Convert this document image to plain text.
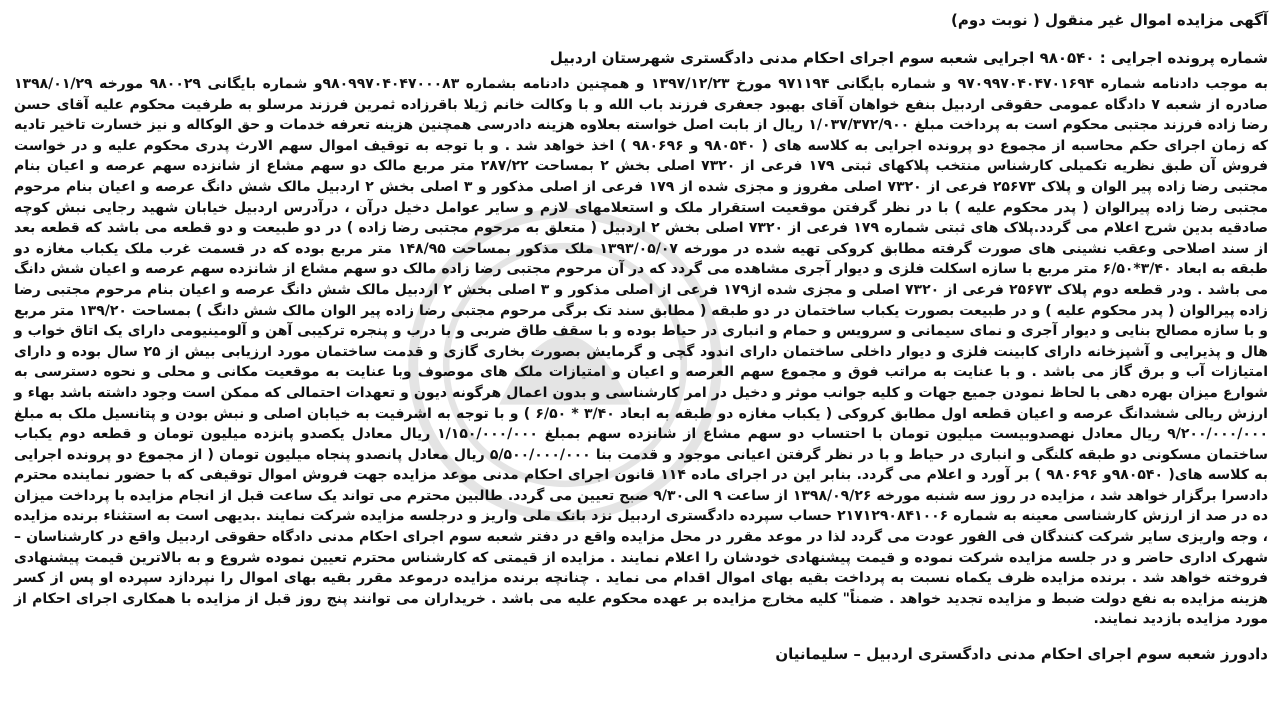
آگهی مزایده اموال غیر منقول ( نوبت دوم)
شماره پرونده اجرایی : ۹۸۰۵۴۰ اجرایی شعبه سوم اجرای احکام مدنی دادگستری شهرستان اردبیل

به موجب دادنامه شماره ۹۷۰۹۹۷۰۴۰۴۷۰۱۶۹۴ و شماره بایگانی ۹۷۱۱۹۴ مورخ ۱۳۹۷/۱۲/۲۳ و همچنین دادنامه بشماره ۹۸۰۹۹۷۰۴۰۴۷۰۰۰۸۳و شماره بایگانی ۹۸۰۰۲۹ مورخه ۱۳۹۸/۰۱/۲۹ صادره از شعبه ۷ دادگاه عمومی حقوقی اردبیل بنفع خواهان آقای بهبود جعفری فرزند باب الله و با وکالت خانم ژیلا باقرزاده ثمرین فرزند مرسلو به طرفیت محکوم علیه آقای حسن رضا زاده فرزند مجتبی محکوم است به پرداخت مبلغ ۱/۰۳۷/۳۷۲/۹۰۰ ریال از بابت اصل خواسته بعلاوه هزینه دادرسی همچنین هزینه تعرفه خدمات و حق الوکاله و نیز خسارت تاخیر تادیه که زمان اجرای حکم محاسبه از مجموع دو پرونده اجرایی به کلاسه های ( ۹۸۰۵۴۰ و ۹۸۰۶۹۶ ) اخذ خواهد شد . و با توجه به توقیف اموال سهم الارث پدری محکوم علیه و در خواست فروش آن طبق نظریه تکمیلی کارشناس منتخب پلاکهای ثبتی ۱۷۹ فرعی از ۷۳۲۰ اصلی بخش ۲ بمساحت ۲۸۷/۲۲ متر مربع مالک دو سهم مشاع از شانزده سهم عرصه و اعیان بنام مجتبی رضا زاده پیر الوان و پلاک ۲۵۶۷۳ فرعی از ۷۳۲۰ اصلی مفروز و مجزی شده از ۱۷۹ فرعی از اصلی مذکور و ۳ اصلی بخش ۲ اردبیل مالک شش دانگ عرصه و اعیان بنام مرحوم مجتبی رضا زاده پیرالوان ( پدر محکوم علیه ) با در نظر گرفتن موقعیت استقرار ملک و استعلامهای لازم و سایر عوامل دخیل درآن ، درآدرس اردبیل خیابان شهید رجایی نبش کوچه صادقیه بدین شرح اعلام می گردد.پلاک های ثبتی شماره ۱۷۹ فرعی از ۷۳۲۰ اصلی بخش ۲ اردبیل ( متعلق به مرحوم مجتبی رضا زاده ) در دو طبیعت و دو قطعه می باشد که قطعه بعد از سند اصلاحی وعقب نشینی های صورت گرفته مطابق کروکی تهیه شده در مورخه ۱۳۹۳/۰۵/۰۷ ملک مذکور بمساحت ۱۴۸/۹۵ متر مربع بوده که در قسمت غرب ملک یکباب مغازه دو طبقه به ابعاد ۳/۴۰*۶/۵۰ متر مربع با سازه اسکلت فلزی و دیوار آجری مشاهده می گردد که در آن مرحوم مجتبی رضا زاده مالک دو سهم مشاع از شانزده سهم عرصه و اعیان شش دانگ می باشد . ودر قطعه دوم پلاک ۲۵۶۷۳ فرعی از ۷۳۲۰ اصلی و مجزی شده از۱۷۹ فرعی از اصلی مذکور و ۳ اصلی بخش ۲ اردبیل مالک شش دانگ عرصه و اعیان بنام مرحوم مجتبی رضا زاده پیرالوان ( پدر محکوم علیه ) و در طبیعت بصورت یکباب ساختمان در دو طبقه ( مطابق سند تک برگی مرحوم مجتبی رضا زاده پیر الوان مالک شش دانگ ) بمساحت ۱۳۹/۲۰ متر مربع و با سازه مصالح بنایی و دیوار آجری و نمای سیمانی و سرویس و حمام و انباری در حیاط بوده و با سقف طاق ضربی و با درب و پنجره ترکیبی آهن و آلومینیومی دارای یک اتاق خواب و هال و پذیرایی و آشپزخانه دارای کابینت فلزی و دیوار داخلی ساختمان دارای اندود گچی و گرمایش بصورت بخاری گازی و قدمت ساختمان مورد ارزیابی بیش از ۲۵ سال بوده و دارای امتیازات آب و برق گاز می باشد . و با عنایت به مراتب فوق و مجموع سهم العرصه و اعیان و امتیازات ملک های موصوف وبا عنایت به موقعیت مکانی و محلی و نحوه دسترسی به شوارع میزان بهره دهی با لحاظ نمودن جمیع جهات و کلیه جوانب موثر و دخیل در امر کارشناسی و بدون اعمال هرگونه دیون و تعهدات احتمالی که ممکن است وجود داشته باشد بهاء و ارزش ریالی ششدانگ عرصه و اعیان قطعه اول مطابق کروکی ( یکباب مغازه دو طبقه به ابعاد ۳/۴۰ * ۶/۵۰ ) و با توجه به اشرفیت به خیابان اصلی و نبش بودن و پتانسیل ملک به مبلغ ۹/۲۰۰/۰۰۰/۰۰۰ ریال معادل نهصدوبیست میلیون تومان با احتساب دو سهم مشاع از شانزده سهم بمبلغ ۱/۱۵۰/۰۰۰/۰۰۰ ریال معادل یکصدو پانزده میلیون تومان و قطعه دوم یکباب ساختمان مسکونی دو طبقه کلنگی و انباری در حیاط و با در نظر گرفتن اعیانی موجود و قدمت بنا ۵/۵۰۰/۰۰۰/۰۰۰ ریال معادل پانصدو پنجاه میلیون تومان ( از مجموع دو پرونده اجرایی به کلاسه های( ۹۸۰۵۴۰و ۹۸۰۶۹۶ ) بر آورد و اعلام می گردد. بنابر این در اجرای ماده ۱۱۴ قانون اجرای احکام مدنی موعد مزایده جهت فروش اموال توقیفی که با حضور نماینده محترم دادسرا برگزار خواهد شد ، مزایده در روز سه شنبه مورخه ۱۳۹۸/۰۹/۲۶ از ساعت ۹ الی۹/۳۰ صبح تعیین می گردد. طالبین محترم می تواند یک ساعت قبل از انجام مزایده با پرداخت میزان ده در صد از ارزش کارشناسی معینه به شماره ۲۱۷۱۲۹۰۸۴۱۰۰۶ حساب سپرده دادگستری اردبیل نزد بانک ملی واریز و درجلسه مزایده شرکت نمایند .بدیهی است به استثناء برنده مزایده ، وجه واریزی سایر شرکت کنندگان فی الفور عودت می گردد لذا در موعد مقرر در محل مزایده واقع در دفتر شعبه سوم اجرای احکام مدنی دادگاه حقوقی اردبیل واقع در کارشناسان – شهرک اداری حاضر و در جلسه مزایده شرکت نموده و قیمت پیشنهادی خودشان را اعلام نمایند . مزایده از قیمتی که کارشناس محترم تعیین نموده شروع و به بالاترین قیمت پیشنهادی فروخته خواهد شد . برنده مزایده ظرف یکماه نسبت به پرداخت بقیه بهای اموال اقدام می نماید . چنانچه برنده مزایده درموعد مقرر بقیه بهای اموال را نپردازد سپرده او پس از کسر هزینه مزایده به نفع دولت ضبط و مزایده تجدید خواهد . ضمناً" کلیه مخارج مزایده بر عهده محکوم علیه می باشد . خریداران می توانند پنج روز قبل از مزایده با همکاری اجرای احکام از مورد مزایده بازدید نمایند.

دادورز شعبه سوم اجرای احکام مدنی دادگستری اردبیل – سلیمانیان
